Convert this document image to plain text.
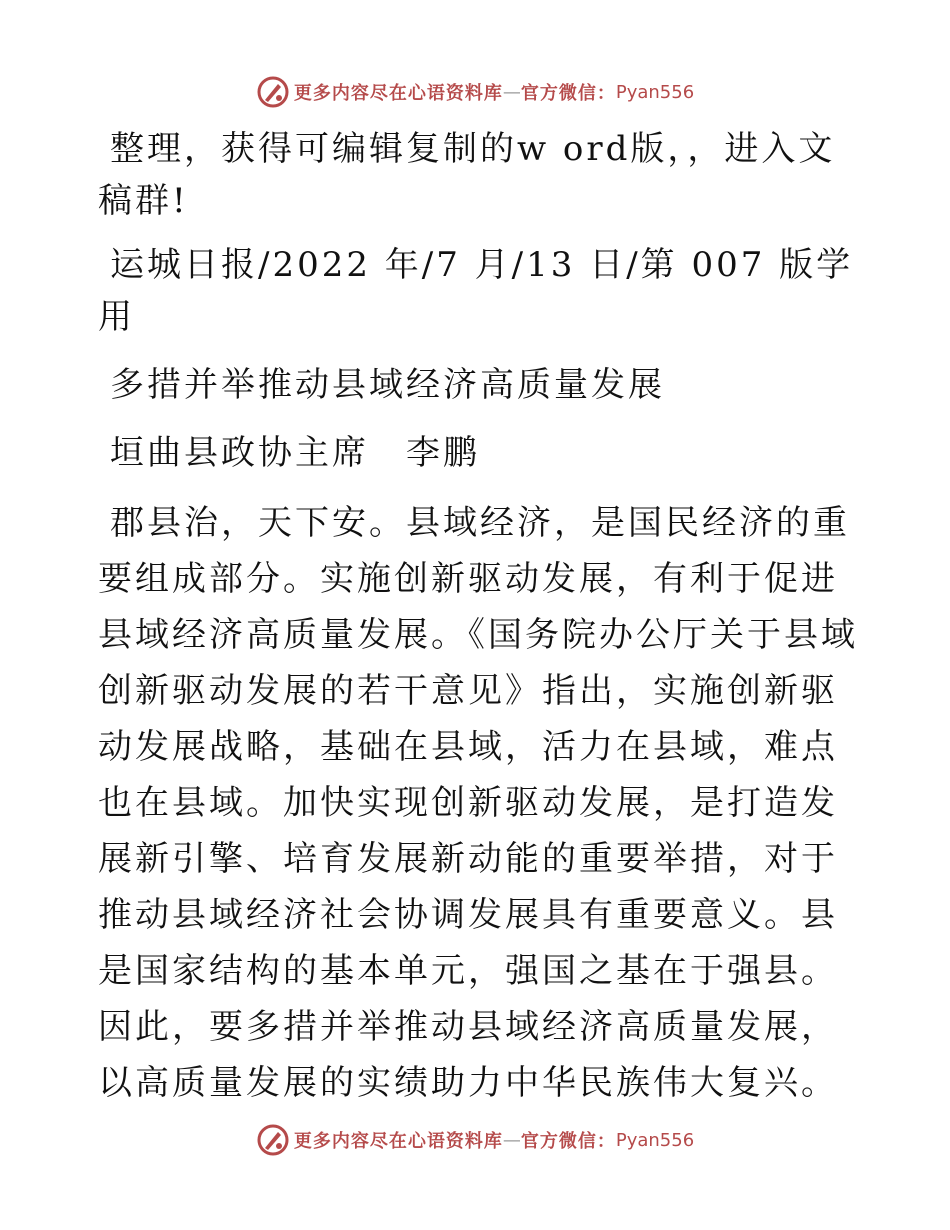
更多内容尽在心语资料库 — 官方微信： Pyan556

整理，获得可编辑复制的w ord版，，进入文稿群!

运城日报/2022 年/7 月/13 日/第 007 版学用

多措并举推动县域经济高质量发展

垣曲县政协主席　李鹏

郡县治，天下安。县域经济，是国民经济的重要组成部分。实施创新驱动发展，有利于促进县域经济高质量发展。《国务院办公厅关于县域创新驱动发展的若干意见》指出，实施创新驱动发展战略，基础在县域，活力在县域，难点也在县域。加快实现创新驱动发展，是打造发展新引擎、培育发展新动能的重要举措，对于推动县域经济社会协调发展具有重要意义。县是国家结构的基本单元，强国之基在于强县。因此，要多措并举推动县域经济高质量发展，以高质量发展的实绩助力中华民族伟大复兴。

更多内容尽在心语资料库 — 官方微信： Pyan556
